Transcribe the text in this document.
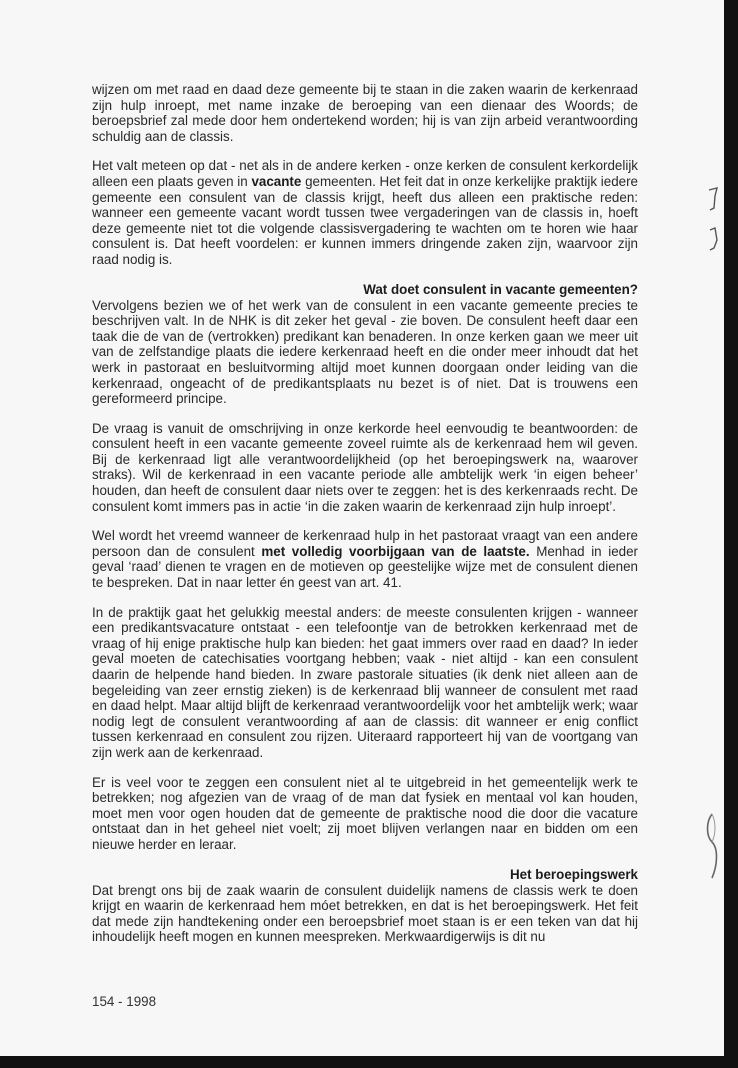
wijzen om met raad en daad deze gemeente bij te staan in die zaken waarin de kerkenraad zijn hulp inroept, met name inzake de beroeping van een dienaar des Woords; de beroepsbrief zal mede door hem ondertekend worden; hij is van zijn arbeid verantwoording schuldig aan de classis.

Het valt meteen op dat - net als in de andere kerken - onze kerken de consulent kerkordelijk alleen een plaats geven in vacante gemeenten. Het feit dat in onze kerkelijke praktijk iedere gemeente een consulent van de classis krijgt, heeft dus alleen een praktische reden: wanneer een gemeente vacant wordt tussen twee vergaderingen van de classis in, hoeft deze gemeente niet tot die volgende classisvergadering te wachten om te horen wie haar consulent is. Dat heeft voordelen: er kunnen immers dringende zaken zijn, waarvoor zijn raad nodig is.

Wat doet consulent in vacante gemeenten?

Vervolgens bezien we of het werk van de consulent in een vacante gemeente precies te beschrijven valt. In de NHK is dit zeker het geval - zie boven. De consulent heeft daar een taak die de van de (vertrokken) predikant kan benaderen. In onze kerken gaan we meer uit van de zelfstandige plaats die iedere kerkenraad heeft en die onder meer inhoudt dat het werk in pastoraat en besluitvorming altijd moet kunnen doorgaan onder leiding van die kerkenraad, ongeacht of de predikantsplaats nu bezet is of niet. Dat is trouwens een gereformeerd principe.

De vraag is vanuit de omschrijving in onze kerkorde heel eenvoudig te beantwoorden: de consulent heeft in een vacante gemeente zoveel ruimte als de kerkenraad hem wil geven. Bij de kerkenraad ligt alle verantwoordelijkheid (op het beroepingswerk na, waarover straks). Wil de kerkenraad in een vacante periode alle ambtelijk werk ‘in eigen beheer’ houden, dan heeft de consulent daar niets over te zeggen: het is des kerkenraads recht. De consulent komt immers pas in actie ‘in die zaken waarin de kerkenraad zijn hulp inroept’.

Wel wordt het vreemd wanneer de kerkenraad hulp in het pastoraat vraagt van een andere persoon dan de consulent met volledig voorbijgaan van de laatste. Menhad in ieder geval ‘raad’ dienen te vragen en de motieven op geestelijke wijze met de consulent dienen te bespreken. Dat in naar letter én geest van art. 41.

In de praktijk gaat het gelukkig meestal anders: de meeste consulenten krijgen - wanneer een predikantsvacature ontstaat - een telefoontje van de betrokken kerkenraad met de vraag of hij enige praktische hulp kan bieden: het gaat immers over raad en daad? In ieder geval moeten de catechisaties voortgang hebben; vaak - niet altijd - kan een consulent daarin de helpende hand bieden. In zware pastorale situaties (ik denk niet alleen aan de begeleiding van zeer ernstig zieken) is de kerkenraad blij wanneer de consulent met raad en daad helpt. Maar altijd blijft de kerkenraad verantwoordelijk voor het ambtelijk werk; waar nodig legt de consulent verantwoording af aan de classis: dit wanneer er enig conflict tussen kerkenraad en consulent zou rijzen. Uiteraard rapporteert hij van de voortgang van zijn werk aan de kerkenraad.

Er is veel voor te zeggen een consulent niet al te uitgebreid in het gemeentelijk werk te betrekken; nog afgezien van de vraag of de man dat fysiek en mentaal vol kan houden, moet men voor ogen houden dat de gemeente de praktische nood die door die vacature ontstaat dan in het geheel niet voelt; zij moet blijven verlangen naar en bidden om een nieuwe herder en leraar.

Het beroepingswerk

Dat brengt ons bij de zaak waarin de consulent duidelijk namens de classis werk te doen krijgt en waarin de kerkenraad hem móet betrekken, en dat is het beroepingswerk. Het feit dat mede zijn handtekening onder een beroepsbrief moet staan is er een teken van dat hij inhoudelijk heeft mogen en kunnen meespreken. Merkwaardigerwijs is dit nu

154 - 1998
